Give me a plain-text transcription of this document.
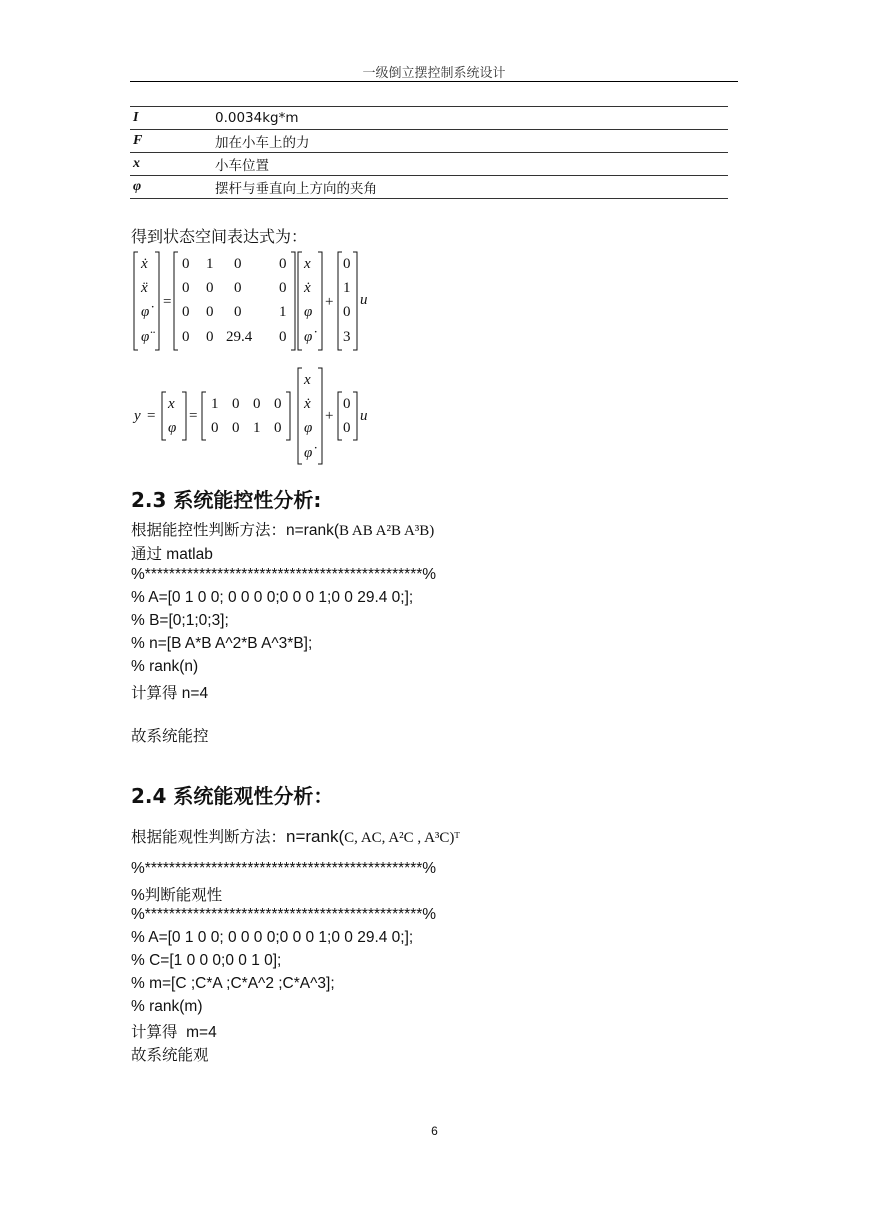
一级倒立摆控制系统设计
I	0.0034kg*m
F	加在小车上的力
x	小车位置
φ	摆杆与垂直向上方向的夹角
得到状态空间表达式为：
=	+
ẋ
ẍ
φ̇
φ̈
0 1 0	0
0 0 0	0
0 0 0	1
0 0 29.4 0
x
ẋ
φ
φ̇
0
1
0
3
u
y = =	+
x
φ
1 0 0 0
0 0 1 0
x
ẋ
φ
φ̇
0
0
u
2.3 系统能控性分析:
根据能控性判断方法：n=rank(B AB A²B A³B)
通过 matlab
%**********************************************%
% A=[0 1 0 0; 0 0 0 0;0 0 0 1;0 0 29.4 0;];
% B=[0;1;0;3];
% n=[B A*B A^2*B A^3*B];
% rank(n)
计算得 n=4
故系统能控
2.4 系统能观性分析：
根据能观性判断方法：n=rank(C, AC, A²C , A³C)ᵀ
%**********************************************%
%判断能观性
%**********************************************%
% A=[0 1 0 0; 0 0 0 0;0 0 0 1;0 0 29.4 0;];
% C=[1 0 0 0;0 0 1 0];
% m=[C ;C*A ;C*A^2 ;C*A^3];
% rank(m)
计算得  m=4
故系统能观
6
